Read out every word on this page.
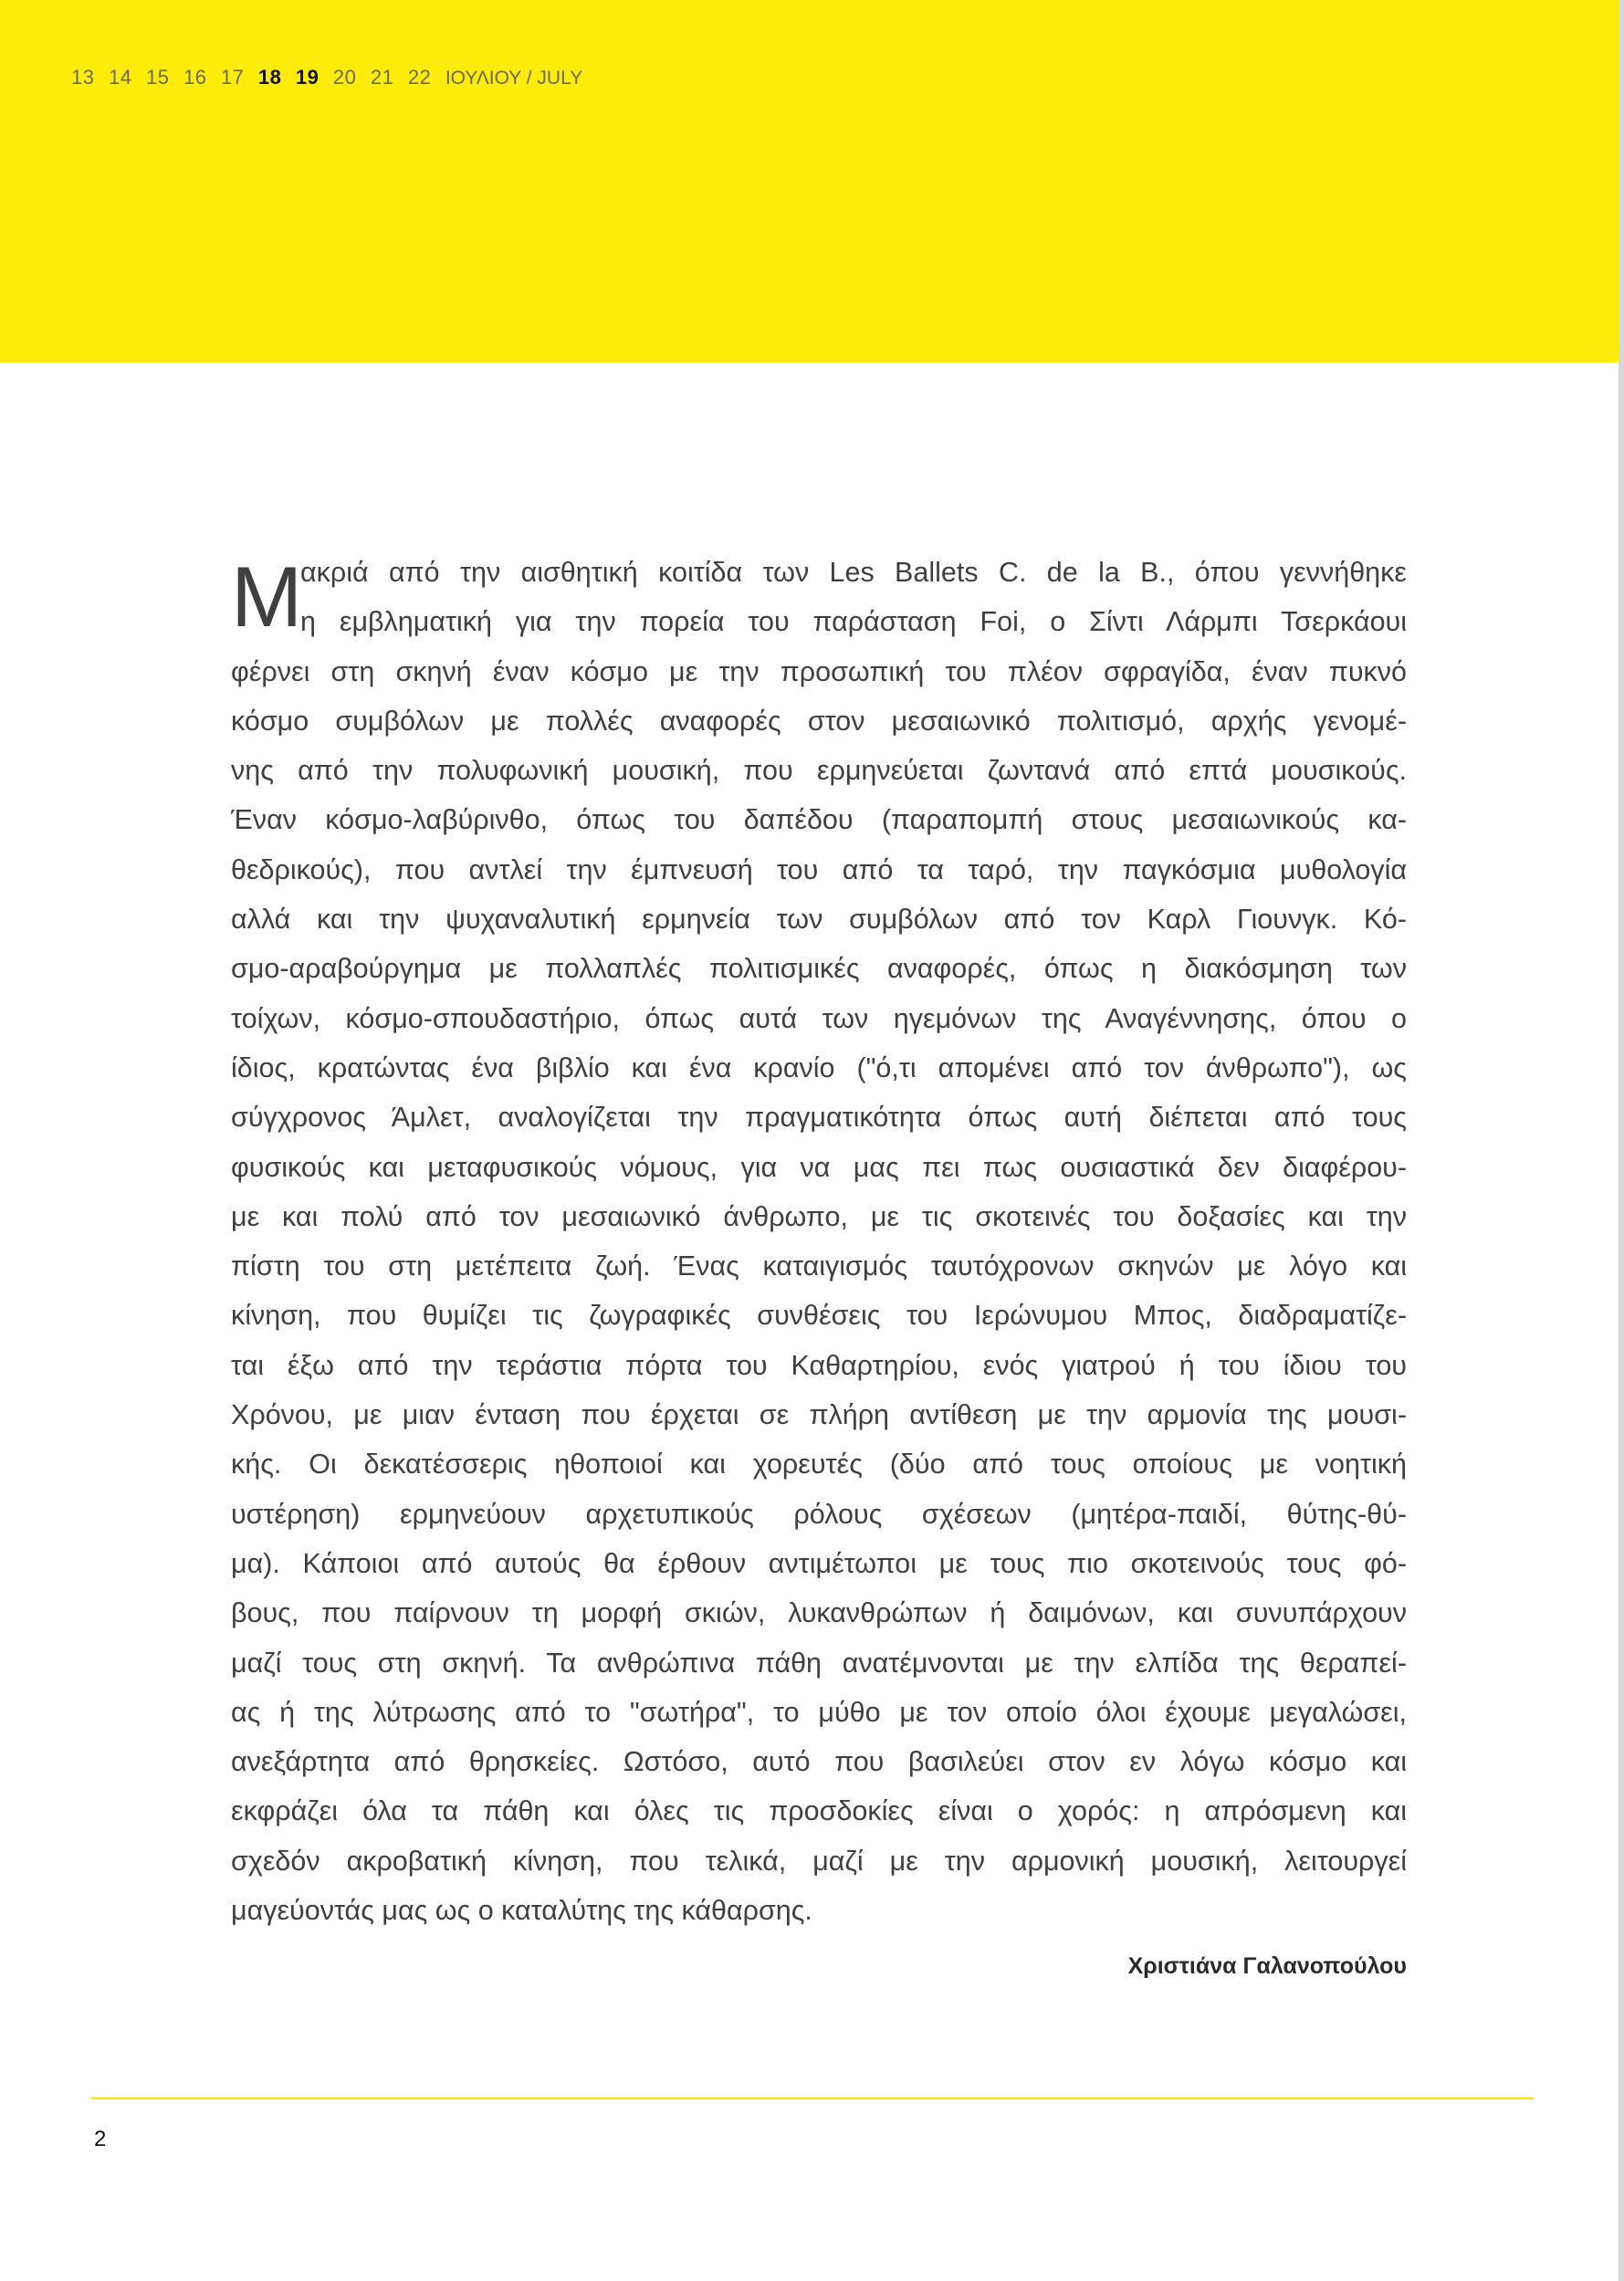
13 14 15 16 17 18 19 20 21 22 ΙΟΥΛΙΟΥ / JULY
Μ
ακριά από την αισθητική κοιτίδα των Les Ballets C. de la B., όπου γεννήθηκε
η εμβληματική για την πορεία του παράσταση Foi, ο Σίντι Λάρμπι Τσερκάουι
φέρνει στη σκηνή έναν κόσμο με την προσωπική του πλέον σφραγίδα, έναν πυκνό
κόσμο συμβόλων με πολλές αναφορές στον μεσαιωνικό πολιτισμό, αρχής γενομέ-
νης από την πολυφωνική μουσική, που ερμηνεύεται ζωντανά από επτά μουσικούς.
Έναν κόσμο-λαβύρινθο, όπως του δαπέδου (παραπομπή στους μεσαιωνικούς κα-
θεδρικούς), που αντλεί την έμπνευσή του από τα ταρό, την παγκόσμια μυθολογία
αλλά και την ψυχαναλυτική ερμηνεία των συμβόλων από τον Καρλ Γιουνγκ. Κό-
σμο-αραβούργημα με πολλαπλές πολιτισμικές αναφορές, όπως η διακόσμηση των
τοίχων, κόσμο-σπουδαστήριο, όπως αυτά των ηγεμόνων της Αναγέννησης, όπου ο
ίδιος, κρατώντας ένα βιβλίο και ένα κρανίο ("ό,τι απομένει από τον άνθρωπο"), ως
σύγχρονος Άμλετ, αναλογίζεται την πραγματικότητα όπως αυτή διέπεται από τους
φυσικούς και μεταφυσικούς νόμους, για να μας πει πως ουσιαστικά δεν διαφέρου-
με και πολύ από τον μεσαιωνικό άνθρωπο, με τις σκοτεινές του δοξασίες και την
πίστη του στη μετέπειτα ζωή. Ένας καταιγισμός ταυτόχρονων σκηνών με λόγο και
κίνηση, που θυμίζει τις ζωγραφικές συνθέσεις του Ιερώνυμου Μπος, διαδραματίζε-
ται έξω από την τεράστια πόρτα του Καθαρτηρίου, ενός γιατρού ή του ίδιου του
Χρόνου, με μιαν ένταση που έρχεται σε πλήρη αντίθεση με την αρμονία της μουσι-
κής. Οι δεκατέσσερις ηθοποιοί και χορευτές (δύο από τους οποίους με νοητική
υστέρηση) ερμηνεύουν αρχετυπικούς ρόλους σχέσεων (μητέρα-παιδί, θύτης-θύ-
μα). Κάποιοι από αυτούς θα έρθουν αντιμέτωποι με τους πιο σκοτεινούς τους φό-
βους, που παίρνουν τη μορφή σκιών, λυκανθρώπων ή δαιμόνων, και συνυπάρχουν
μαζί τους στη σκηνή. Τα ανθρώπινα πάθη ανατέμνονται με την ελπίδα της θεραπεί-
ας ή της λύτρωσης από το "σωτήρα", το μύθο με τον οποίο όλοι έχουμε μεγαλώσει,
ανεξάρτητα από θρησκείες. Ωστόσο, αυτό που βασιλεύει στον εν λόγω κόσμο και
εκφράζει όλα τα πάθη και όλες τις προσδοκίες είναι ο χορός: η απρόσμενη και
σχεδόν ακροβατική κίνηση, που τελικά, μαζί με την αρμονική μουσική, λειτουργεί
μαγεύοντάς μας ως ο καταλύτης της κάθαρσης.
Χριστιάνα Γαλανοπούλου
2
